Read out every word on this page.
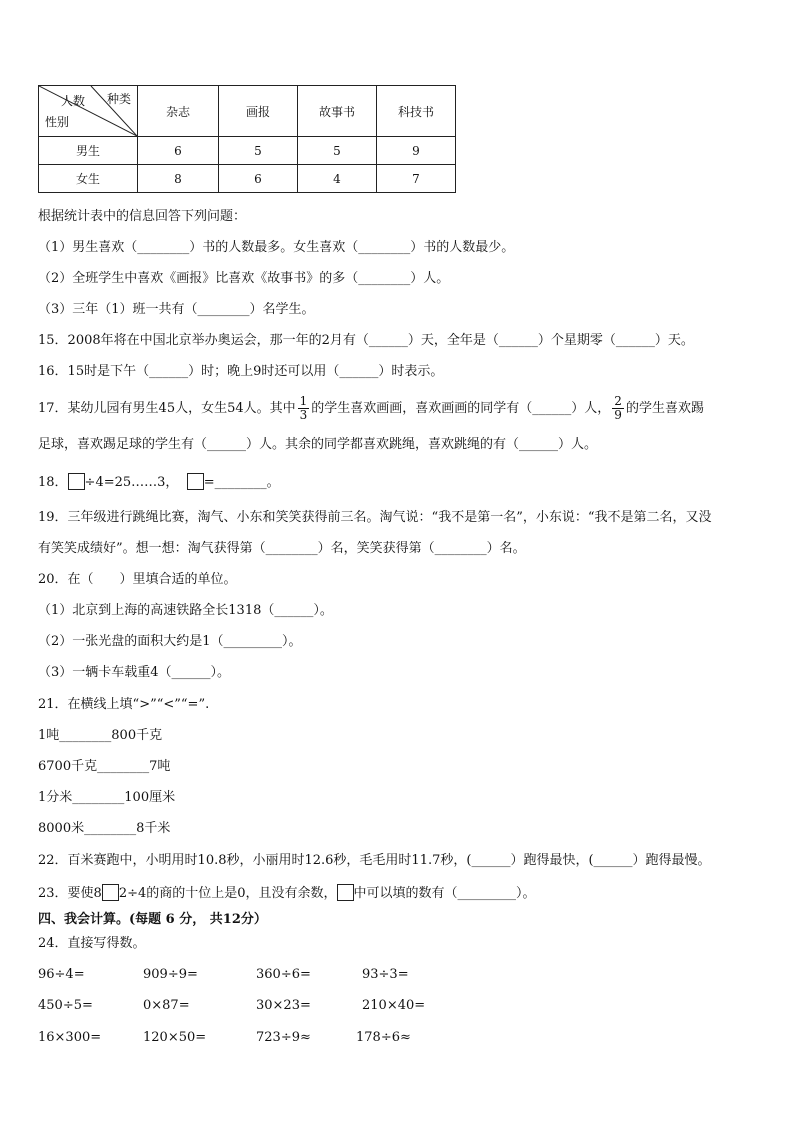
种类
人数
性别	杂志	画报	故事书	科技书
男生	6	5	5	9
女生	8	6	4	7
根据统计表中的信息回答下列问题：
（1）男生喜欢（________）书的人数最多。女生喜欢（________）书的人数最少。
（2）全班学生中喜欢《画报》比喜欢《故事书》的多（________）人。
（3）三年（1）班一共有（________）名学生。
15．2008年将在中国北京举办奥运会，那一年的2月有（______）天，全年是（______）个星期零（______）天。
16．15时是下午（______）时；晚上9时还可以用（______）时表示。
17．某幼儿园有男生45人，女生54人。其中 $\frac{1}{3}$ 的学生喜欢画画，喜欢画画的同学有（______）人， $\frac{2}{9}$ 的学生喜欢踢
足球，喜欢踢足球的学生有（______）人。其余的同学都喜欢跳绳，喜欢跳绳的有（______）人。
18． ÷4=25……3， =________。
19．三年级进行跳绳比赛，淘气、小东和笑笑获得前三名。淘气说：“我不是第一名”，小东说：“我不是第二名，又没
有笑笑成绩好”。想一想：淘气获得第（________）名，笑笑获得第（________）名。
20．在（　　）里填合适的单位。
（1）北京到上海的高速铁路全长1318（______）。
（2）一张光盘的面积大约是1（_________）。
（3）一辆卡车载重4（______）。
21．在横线上填“>”“<”“=”.
1吨________800千克
6700千克________7吨
1分米________100厘米
8000米________8千米
22．百米赛跑中，小明用时10.8秒，小丽用时12.6秒，毛毛用时11.7秒，(______）跑得最快，(______）跑得最慢。
23．要使8 2÷4的商的十位上是0，且没有余数， 中可以填的数有（_________）。
四、我会计算。(每题 6 分， 共12分）
24．直接写得数。
96÷4=	909÷9=	360÷6=	93÷3=
450÷5=	0×87=	30×23=	210×40=
16×300=	120×50=	723÷9≈	178÷6≈
